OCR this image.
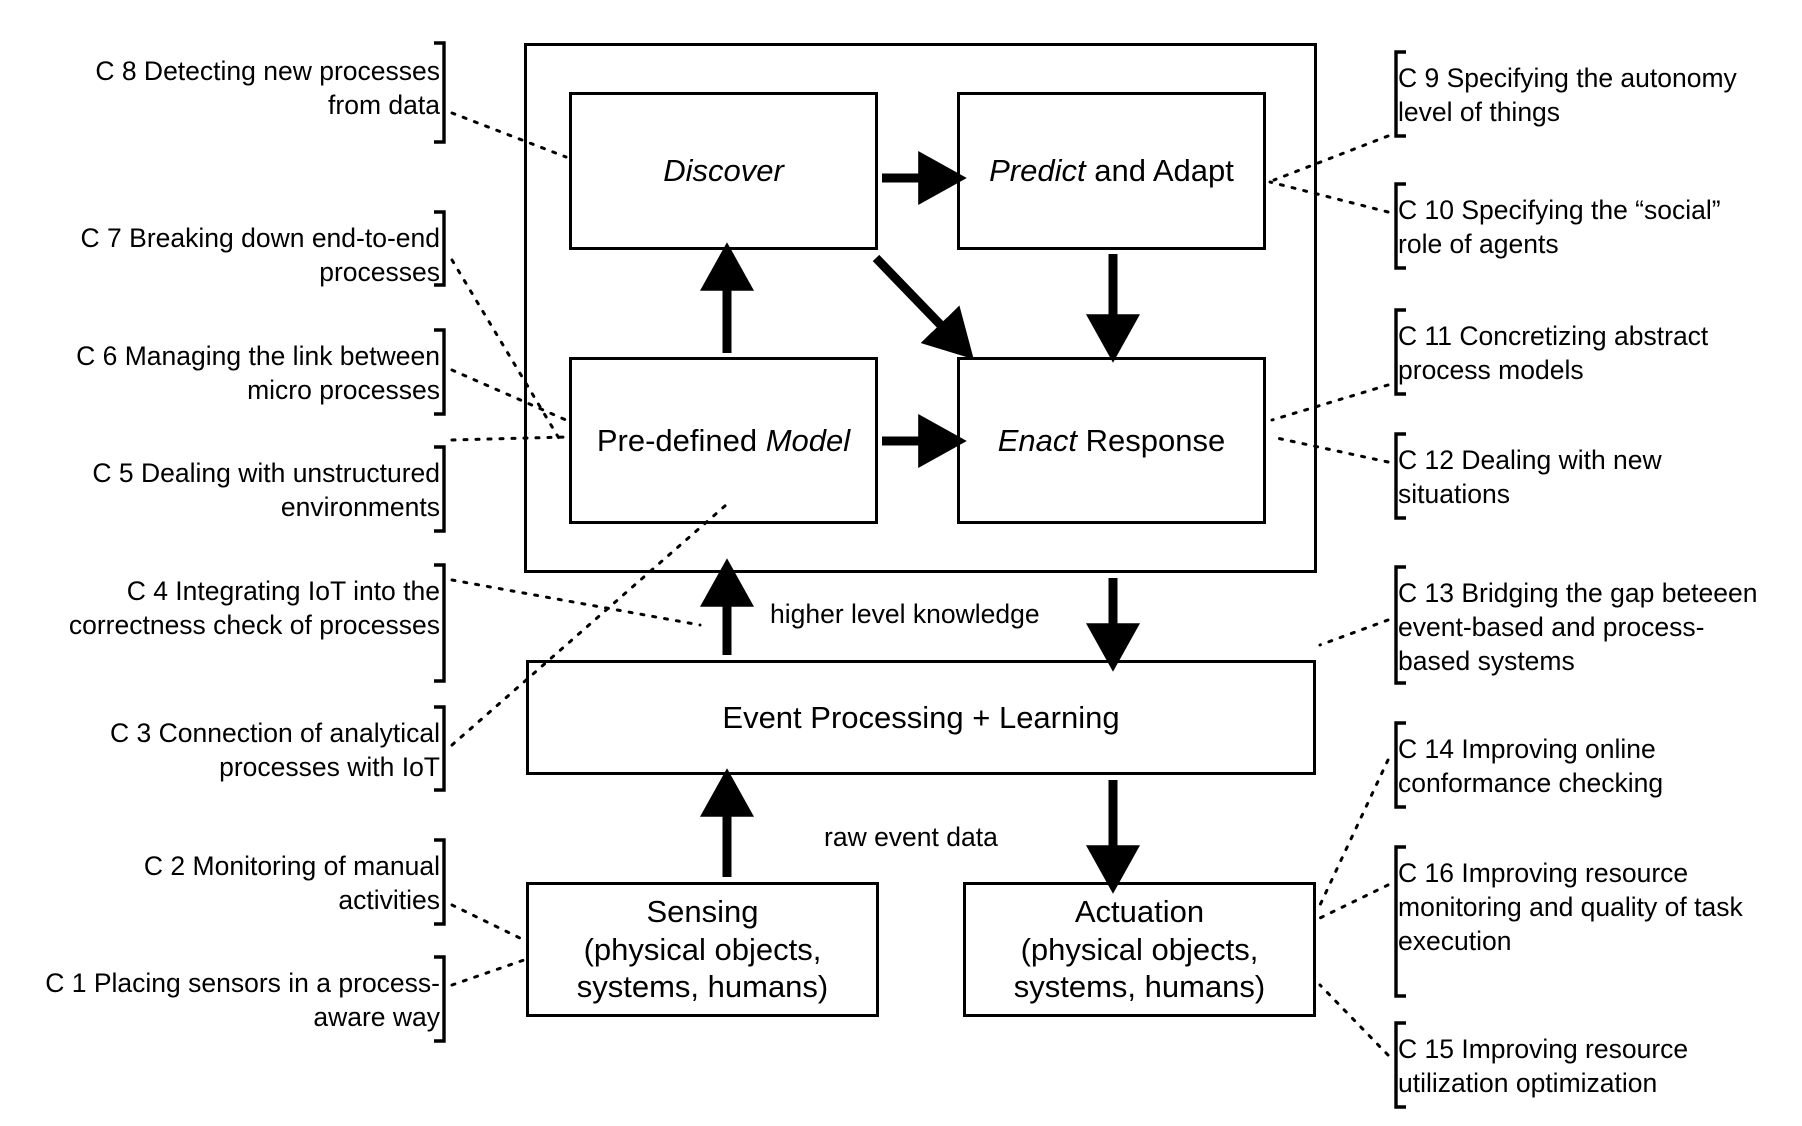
Discover	Predict and Adapt
Pre-defined Model	Enact Response
Event Processing + Learning
Sensing
(physical objects,
systems, humans)
Actuation
(physical objects,
systems, humans)
higher level knowledge
raw event data
C 8 Detecting new processes from data
C 7 Breaking down end-to-end processes
C 6 Managing the link between micro processes
C 5 Dealing with unstructured environments
C 4 Integrating IoT into the correctness check of processes
C 3 Connection of analytical processes with IoT
C 2 Monitoring of manual activities
C 1 Placing sensors in a process-aware way
C 9 Specifying the autonomy level of things
C 10 Specifying the “social” role of agents
C 11 Concretizing abstract process models
C 12 Dealing with new situations
C 13 Bridging the gap beteeen event-based and process-based systems
C 14 Improving online conformance checking
C 16 Improving resource monitoring and quality of task execution
C 15 Improving resource utilization optimization
